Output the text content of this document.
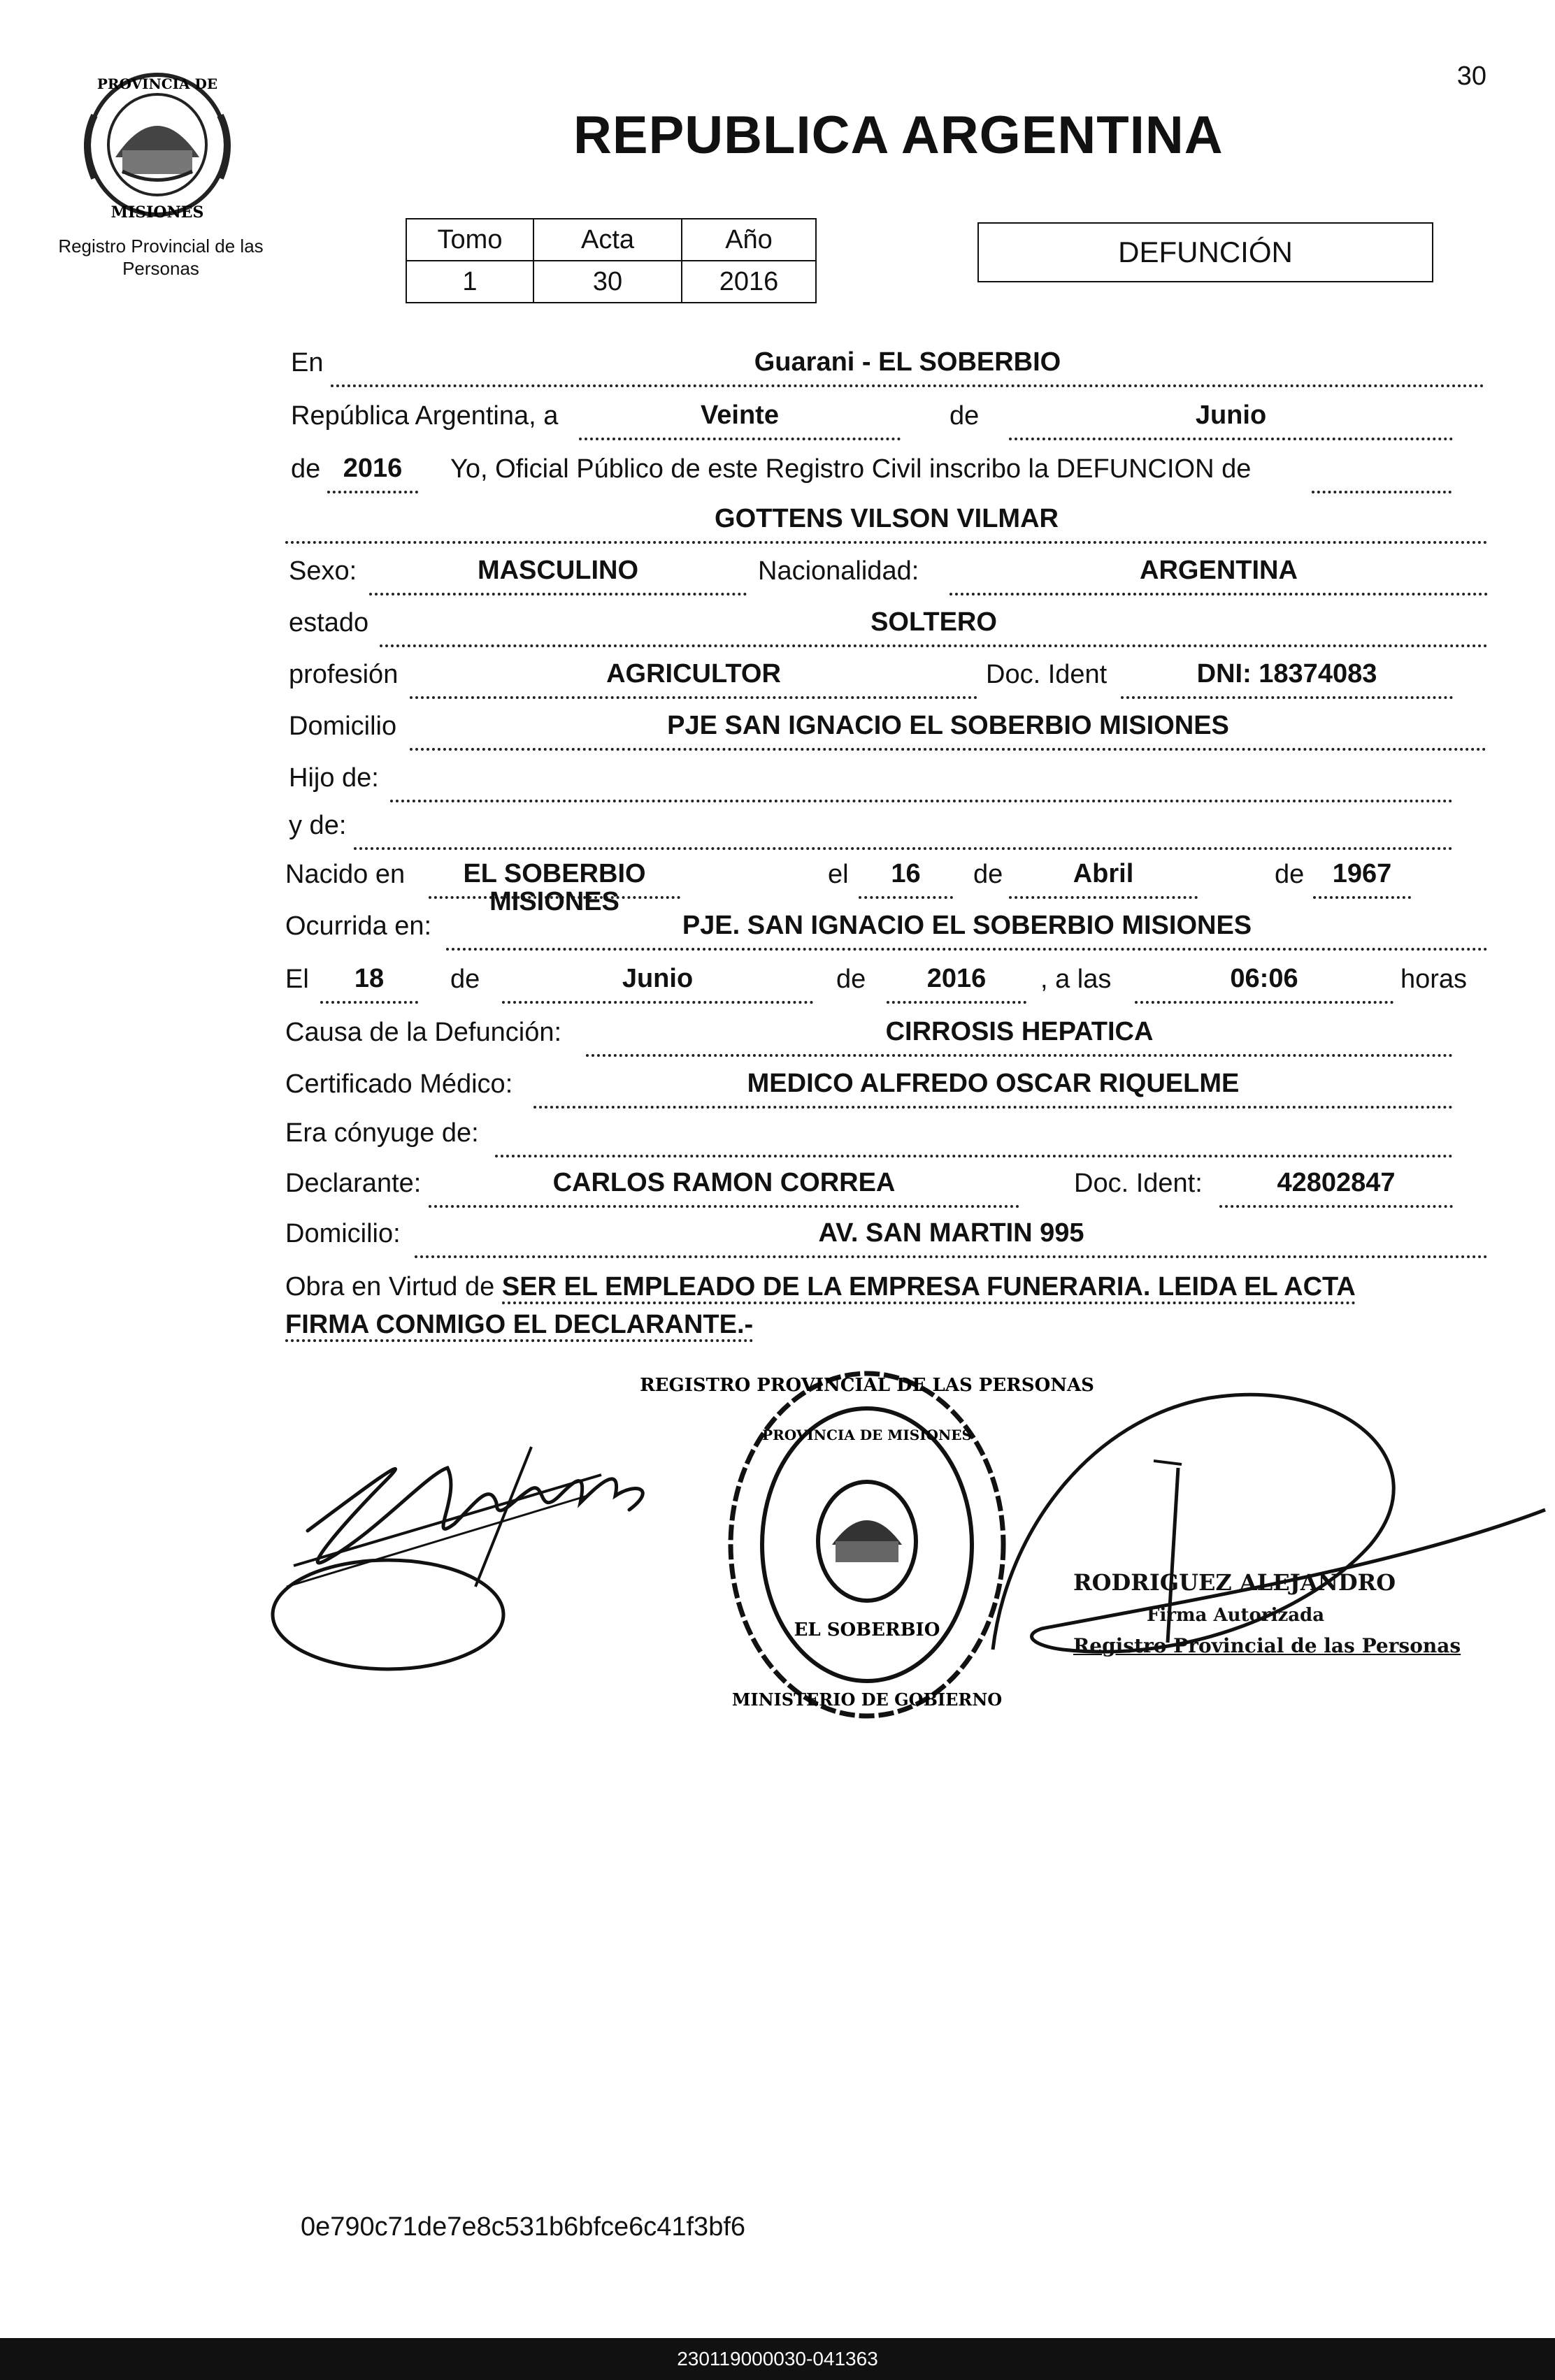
30
PROVINCIA DE
MISIONES
Registro Provincial de las Personas
REPUBLICA ARGENTINA
Tomo	Acta	Año
1	30	2016
DEFUNCIÓN
En	Guarani - EL SOBERBIO
República Argentina, a	Veinte	de	Junio
de 2016	Yo, Oficial Público de este Registro Civil inscribo la DEFUNCION de
GOTTENS VILSON VILMAR
Sexo:	MASCULINO	Nacionalidad:	ARGENTINA
estado	SOLTERO
profesión	AGRICULTOR	Doc. Ident	DNI: 18374083
Domicilio	PJE SAN IGNACIO EL SOBERBIO MISIONES
Hijo de:
y de:
Nacido en	EL SOBERBIO MISIONES
el	16	de	Abril	de	1967
Ocurrida en:	PJE. SAN IGNACIO EL SOBERBIO MISIONES
El	18	de	Junio	de	2016	, a las	06:06	horas
Causa de la Defunción:	CIRROSIS HEPATICA
Certificado Médico:	MEDICO ALFREDO OSCAR RIQUELME
Era cónyuge de:
Declarante:	CARLOS RAMON CORREA	Doc. Ident:	42802847
Domicilio:	AV. SAN MARTIN 995
Obra en Virtud de SER EL EMPLEADO DE LA EMPRESA FUNERARIA. LEIDA EL ACTA
FIRMA CONMIGO EL DECLARANTE.-
REGISTRO PROVINCIAL DE LAS PERSONAS
PROVINCIA DE MISIONES
EL SOBERBIO
MINISTERIO DE GOBIERNO
RODRIGUEZ ALEJANDRO
Firma Autorizada
Registro Provincial de las Personas
0e790c71de7e8c531b6bfce6c41f3bf6
230119000030-041363
